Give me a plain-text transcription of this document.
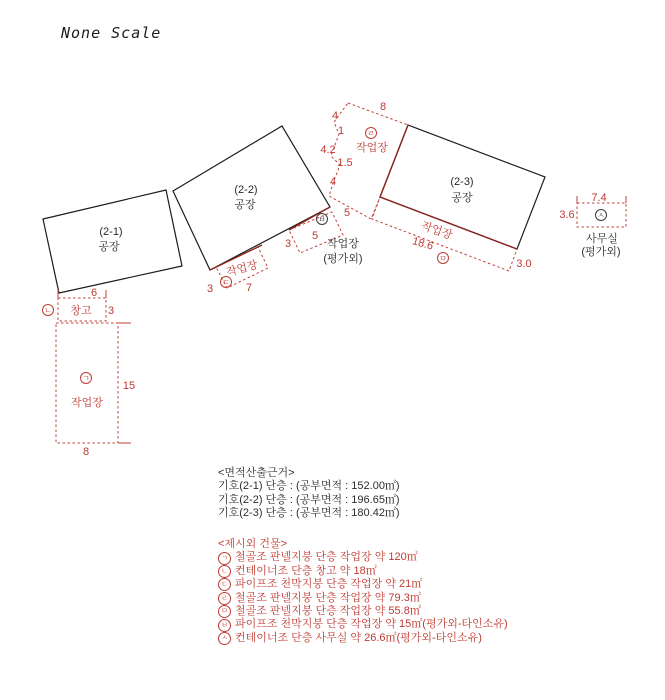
None Scale
(2-1)
공장
(2-2)
공장
(2-3)
공장
작업장
창고
작업장
작업장
작업장
작업장
(평가외)
사무실
(평가외)
15
8
6
3
3	7
8
4
1
4.2
1.5
4
5
18.6
3.0
5
3
7.4
3.6
ㄱ
ㄴ
ㄷ
ㄹ
ㅁ
ㅂ	ㅅ
<면적산출근거>
기호(2-1) 단층 : (공부면적 : 152.00㎡)
기호(2-2) 단층 : (공부면적 : 196.65㎡)
기호(2-3) 단층 : (공부면적 : 180.42㎡)
<제시외 건물>
ㄱ 철골조 판넬지붕 단층 작업장 약 120㎡
ㄴ 컨테이너조 단층 창고 약 18㎡
ㄷ 파이프조 천막지붕 단층 작업장 약 21㎡
ㄹ 철골조 판넬지붕 단층 작업장 약 79.3㎡
ㅁ 철골조 판넬지붕 단층 작업장 약 55.8㎡
ㅂ 파이프조 천막지붕 단층 작업장 약 15㎡(평가외-타인소유)
ㅅ 컨테이너조 단층 사무실 약 26.6㎡(평가외-타인소유)
